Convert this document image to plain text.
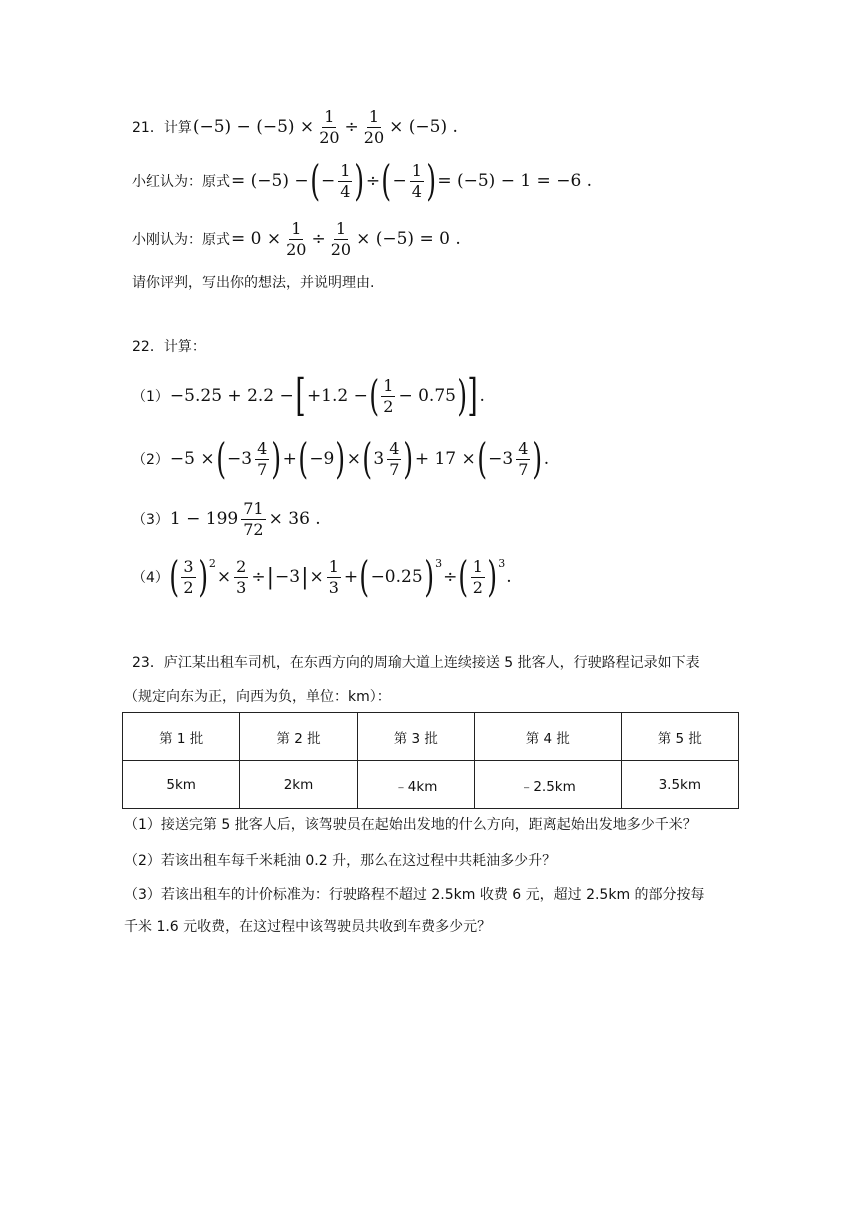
21．计算 $(-5) - (-5) \times \frac{1}{20} \div \frac{1}{20} \times (-5)$ .
小红认为：原式 = (−5) − ( − $\frac{1}{4}$ ) ÷ ( − $\frac{1}{4}$ ) = (−5) − 1 = −6 .
小刚认为：原式 = $0 \times \frac{1}{20} \div \frac{1}{20} \times (-5) = 0$ .
请你评判，写出你的想法，并说明理由.
22．计算：
（1） −5.25 + 2.2 − [ +1.2 − ( $\frac{1}{2} - 0.75$ ) ] .
（2） −5 × ( $-3 \frac{4}{7}$ ) + ( −9 ) × ( $3 \frac{4}{7}$ ) + 17 × ( $-3 \frac{4}{7}$ ) .
（3） $1 - 199 \frac{71}{72} \times 36$ .
（4） ( $\frac{3}{2}$ ) 2
× $\frac{2}{3}$ ÷ | −3 | × $\frac{1}{3}$ + ( −0.25 ) 3
÷ ( $\frac{1}{2}$ ) 3
.
23．庐江某出租车司机，在东西方向的周瑜大道上连续接送 5 批客人，行驶路程记录如下表
（规定向东为正，向西为负，单位：km）：
第 1 批	第 2 批	第 3 批	第 4 批	第 5 批
5km	2km	﹣4km	﹣2.5km	3.5km
（1）接送完第 5 批客人后，该驾驶员在起始出发地的什么方向，距离起始出发地多少千米？
（2）若该出租车每千米耗油 0.2 升，那么在这过程中共耗油多少升？
（3）若该出租车的计价标准为：行驶路程不超过 2.5km 收费 6 元，超过 2.5km 的部分按每
千米 1.6 元收费，在这过程中该驾驶员共收到车费多少元？
